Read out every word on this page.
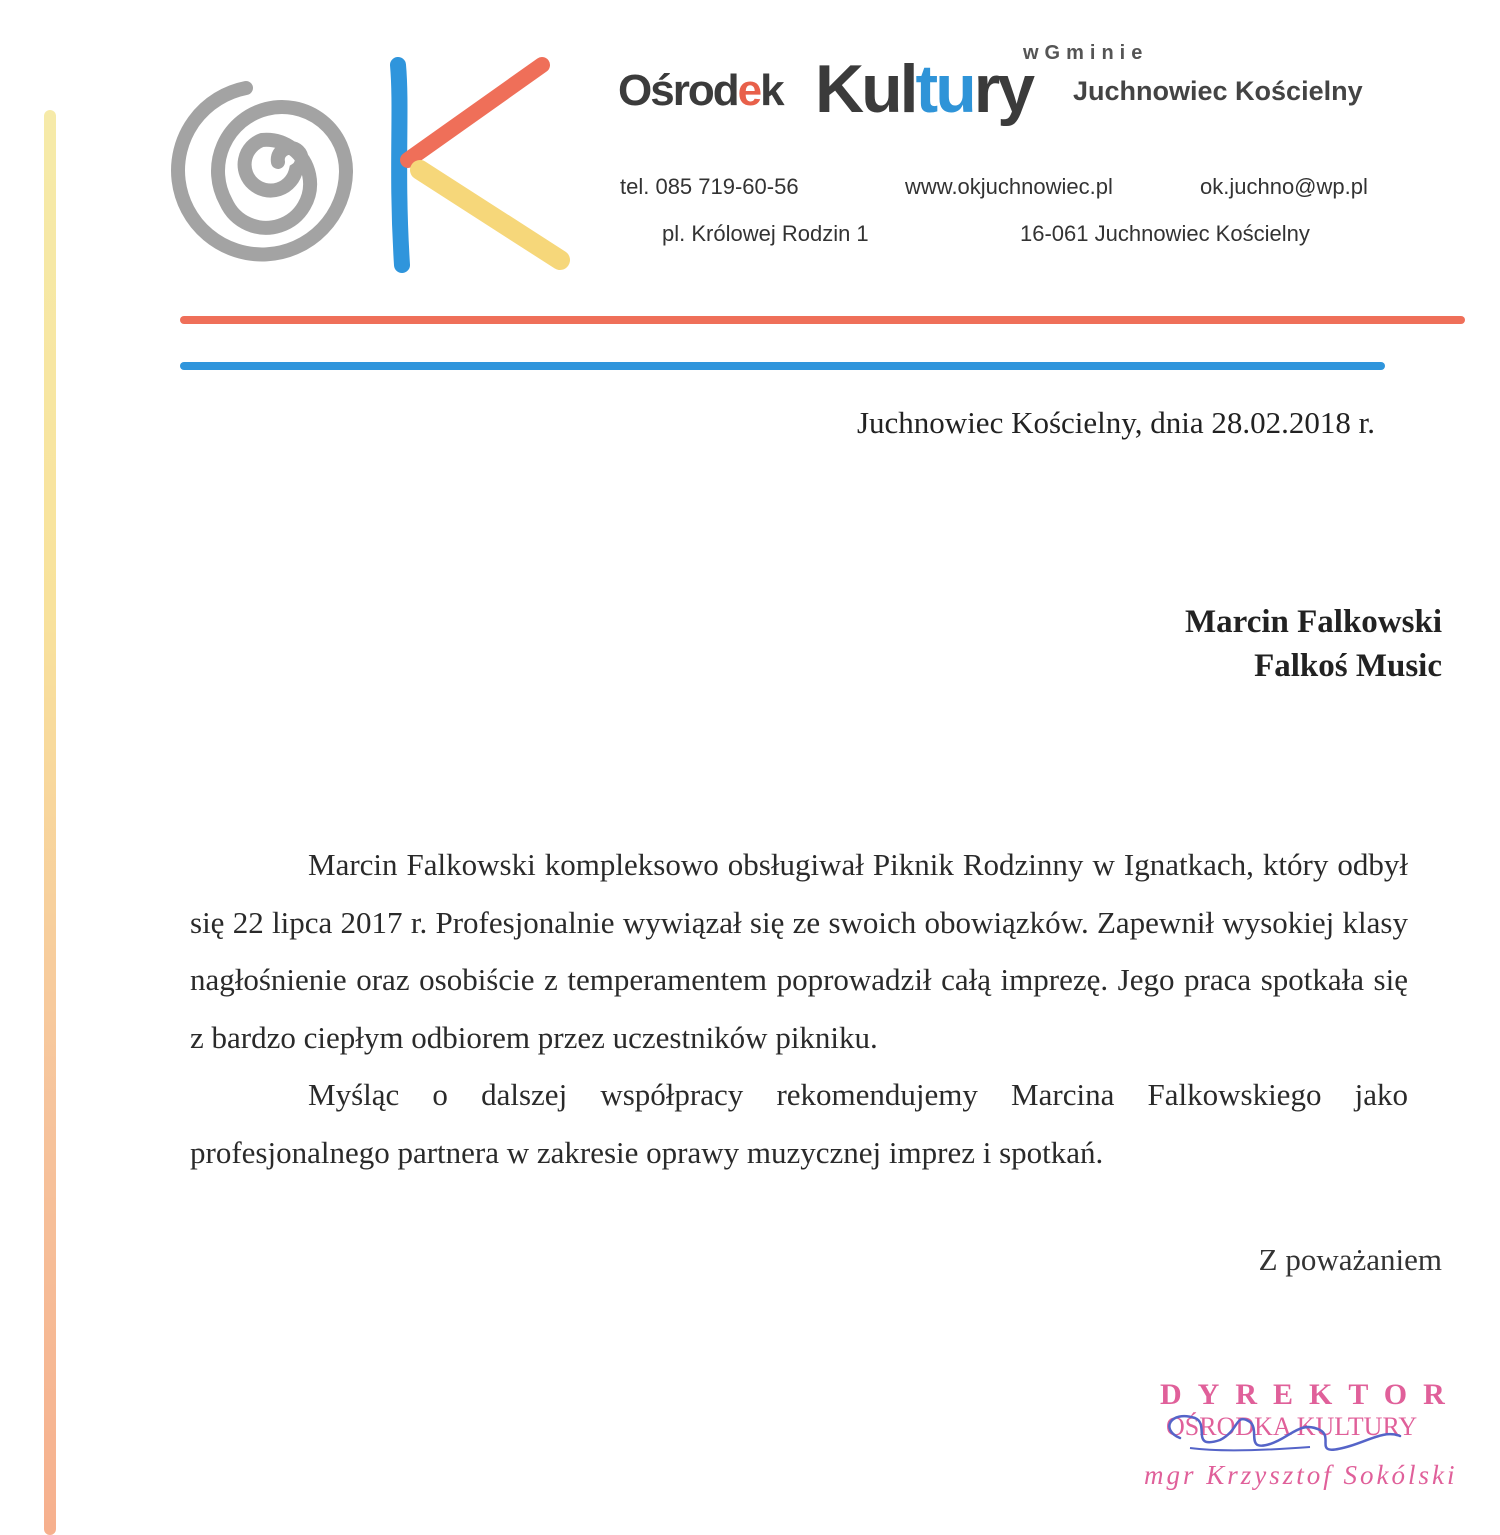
Ośrodek Kultury
wGminie
Juchnowiec Kościelny
tel. 085 719-60-56	www.okjuchnowiec.pl	ok.juchno@wp.pl
pl. Królowej Rodzin 1	16-061 Juchnowiec Kościelny
Juchnowiec Kościelny, dnia 28.02.2018 r.
Marcin Falkowski
Falkoś Music

Marcin Falkowski kompleksowo obsługiwał Piknik Rodzinny w Ignatkach, który odbył się 22 lipca 2017 r. Profesjonalnie wywiązał się ze swoich obowiązków. Zapewnił wysokiej klasy nagłośnienie oraz osobiście z temperamentem poprowadził całą imprezę. Jego praca spotkała się z bardzo ciepłym odbiorem przez uczestników pikniku.

Myśląc o dalszej współpracy rekomendujemy Marcina Falkowskiego jako profesjonalnego partnera w zakresie oprawy muzycznej imprez i spotkań.

Z poważaniem
DYREKTOR
OŚRODKA KULTURY
mgr Krzysztof Sokólski
